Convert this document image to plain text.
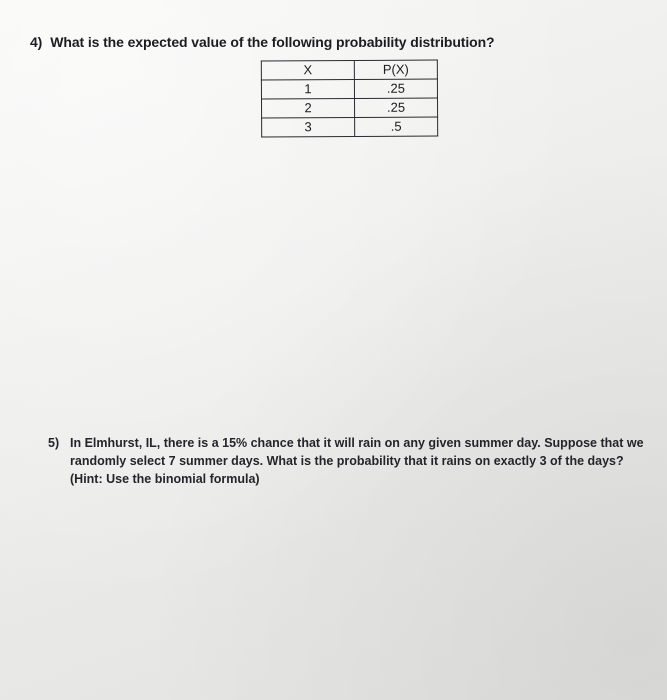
4) What is the expected value of the following probability distribution?
X	P(X)
1	.25
2	.25
3	.5
5) In Elmhurst, IL, there is a 15% chance that it will rain on any given summer day. Suppose that we
randomly select 7 summer days. What is the probability that it rains on exactly 3 of the days?
(Hint: Use the binomial formula)
